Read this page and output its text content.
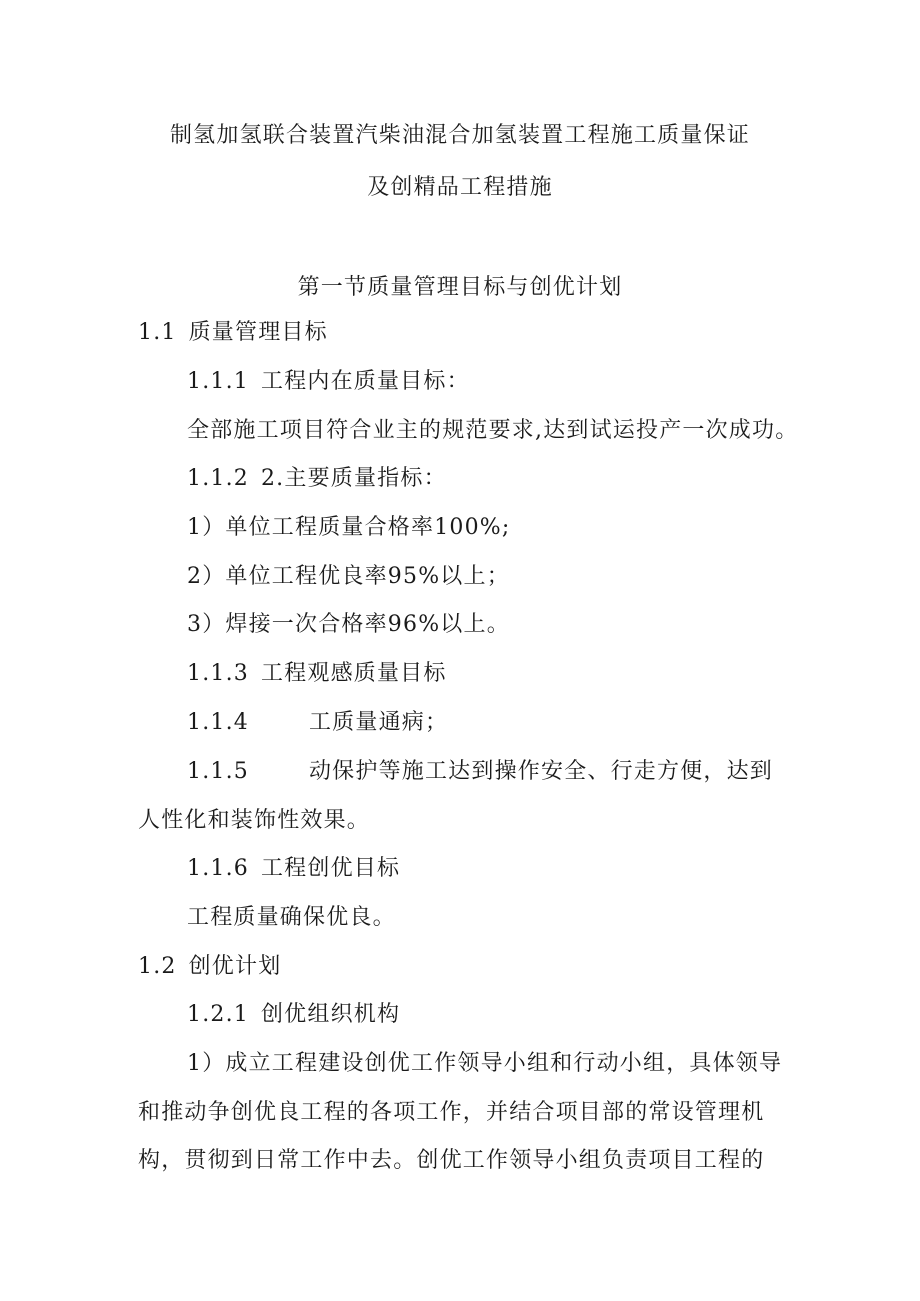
制氢加氢联合装置汽柴油混合加氢装置工程施工质量保证
及创精品工程措施
第一节质量管理目标与创优计划
1.1 质量管理目标
1.1.1 工程内在质量目标：
全部施工项目符合业主的规范要求,达到试运投产一次成功。
1.1.2 2.主要质量指标：
1）单位工程质量合格率100%;
2）单位工程优良率95%以上；
3）焊接一次合格率96%以上。
1.1.3 工程观感质量目标
1.1.4	工质量通病；
1.1.5	动保护等施工达到操作安全、行走方便，达到
人性化和装饰性效果。
1.1.6 工程创优目标
工程质量确保优良。
1.2 创优计划
1.2.1 创优组织机构
1）成立工程建设创优工作领导小组和行动小组，具体领导
和推动争创优良工程的各项工作，并结合项目部的常设管理机
构，贯彻到日常工作中去。创优工作领导小组负责项目工程的
